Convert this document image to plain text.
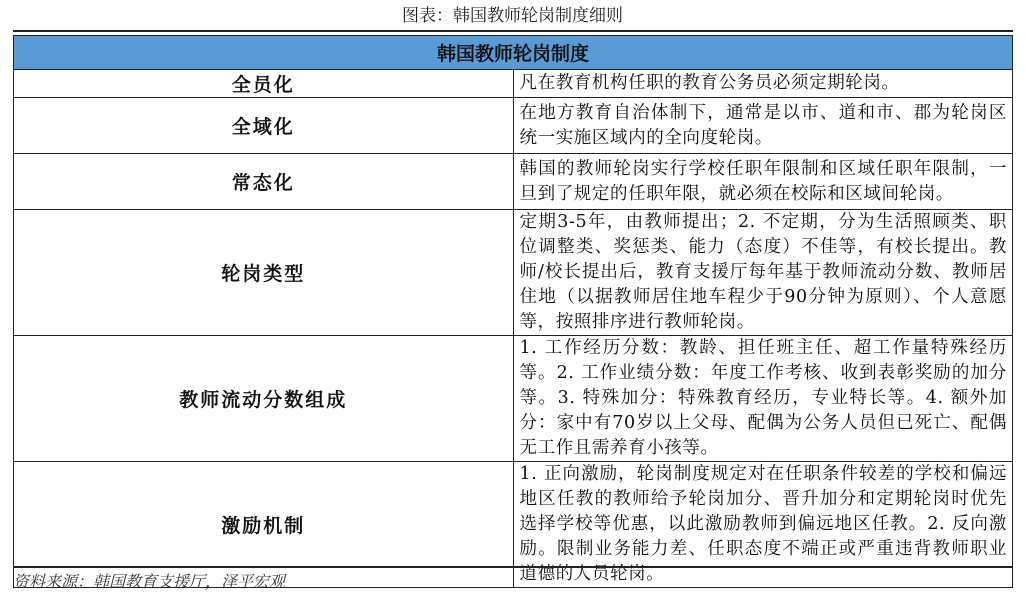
图表：韩国教师轮岗制度细则
韩国教师轮岗制度	
全员化	凡在教育机构任职的教育公务员必须定期轮岗。
全域化	在地方教育自治体制下，通常是以市、道和市、郡为轮岗区统一实施区域内的全向度轮岗。
常态化	韩国的教师轮岗实行学校任职年限制和区域任职年限制，一旦到了规定的任职年限，就必须在校际和区域间轮岗。
轮岗类型	定期3-5年，由教师提出；2. 不定期，分为生活照顾类、职位调整类、奖惩类、能力（态度）不佳等，有校长提出。教师/校长提出后，教育支援厅每年基于教师流动分数、教师居住地（以据教师居住地车程少于90分钟为原则）、个人意愿等，按照排序进行教师轮岗。
教师流动分数组成	1. 工作经历分数：教龄、担任班主任、超工作量特殊经历等。2. 工作业绩分数：年度工作考核、收到表彰奖励的加分等。3. 特殊加分：特殊教育经历，专业特长等。4. 额外加分：家中有70岁以上父母、配偶为公务人员但已死亡、配偶无工作且需养育小孩等。
激励机制	1. 正向激励，轮岗制度规定对在任职条件较差的学校和偏远地区任教的教师给予轮岗加分、晋升加分和定期轮岗时优先选择学校等优惠，以此激励教师到偏远地区任教。2. 反向激励。限制业务能力差、任职态度不端正或严重违背教师职业道德的人员轮岗。
资料来源：韩国教育支援厅，泽平宏观
